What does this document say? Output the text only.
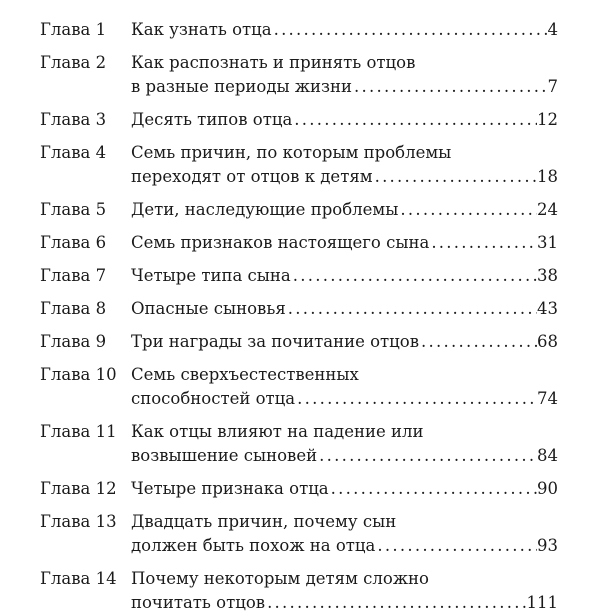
Глава 1	Как узнать отца . . .	4
Глава 2	Как распознать и принять отцов
в разные периоды жизни . . .	7
Глава 3	Десять типов отца . . .	12
Глава 4	Семь причин, по которым проблемы
переходят от отцов к детям . . .	18
Глава 5	Дети, наследующие проблемы . . .	24
Глава 6	Семь признаков настоящего сына . . .	31
Глава 7	Четыре типа сына . . .	38
Глава 8	Опасные сыновья . . .	43
Глава 9	Три награды за почитание отцов . . .	68
Глава 10 Семь сверхъестественных
способностей отца . . .	74
Глава 11 Как отцы влияют на падение или
возвышение сыновей . . .	84
Глава 12 Четыре признака отца . . .	90
Глава 13 Двадцать причин, почему сын
должен быть похож на отца . . .	93
Глава 14 Почему некоторым детям сложно
почитать отцов . . .	111
